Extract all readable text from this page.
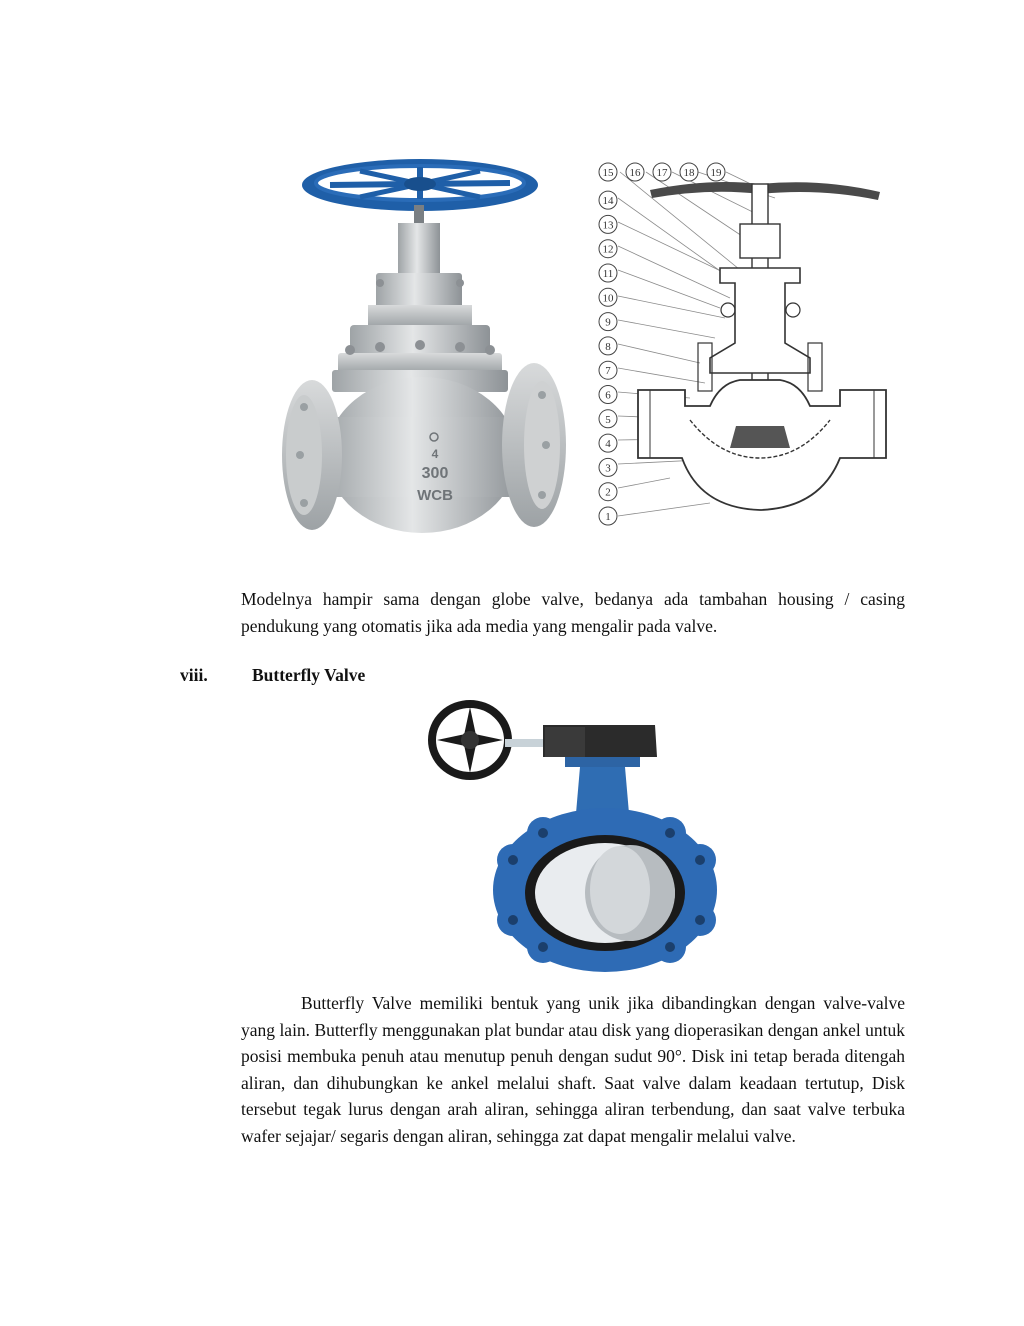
4
300
WCB
1
2
3
4
5
6
7
8
9
10
11
12
13
14
15 16 17 18 19
Modelnya hampir sama dengan globe valve, bedanya ada tambahan housing / casing pendukung yang otomatis jika ada media yang mengalir pada valve.
viii.	Butterfly Valve
Butterfly Valve memiliki bentuk yang unik jika dibandingkan dengan valve-valve yang lain. Butterfly menggunakan plat bundar atau disk yang dioperasikan dengan ankel untuk posisi membuka penuh atau menutup penuh dengan sudut 90°. Disk ini tetap berada ditengah aliran, dan dihubungkan ke ankel melalui shaft. Saat valve dalam keadaan tertutup, Disk tersebut tegak lurus dengan arah aliran, sehingga aliran terbendung, dan saat valve terbuka wafer sejajar/ segaris dengan aliran, sehingga zat dapat mengalir melalui valve.
